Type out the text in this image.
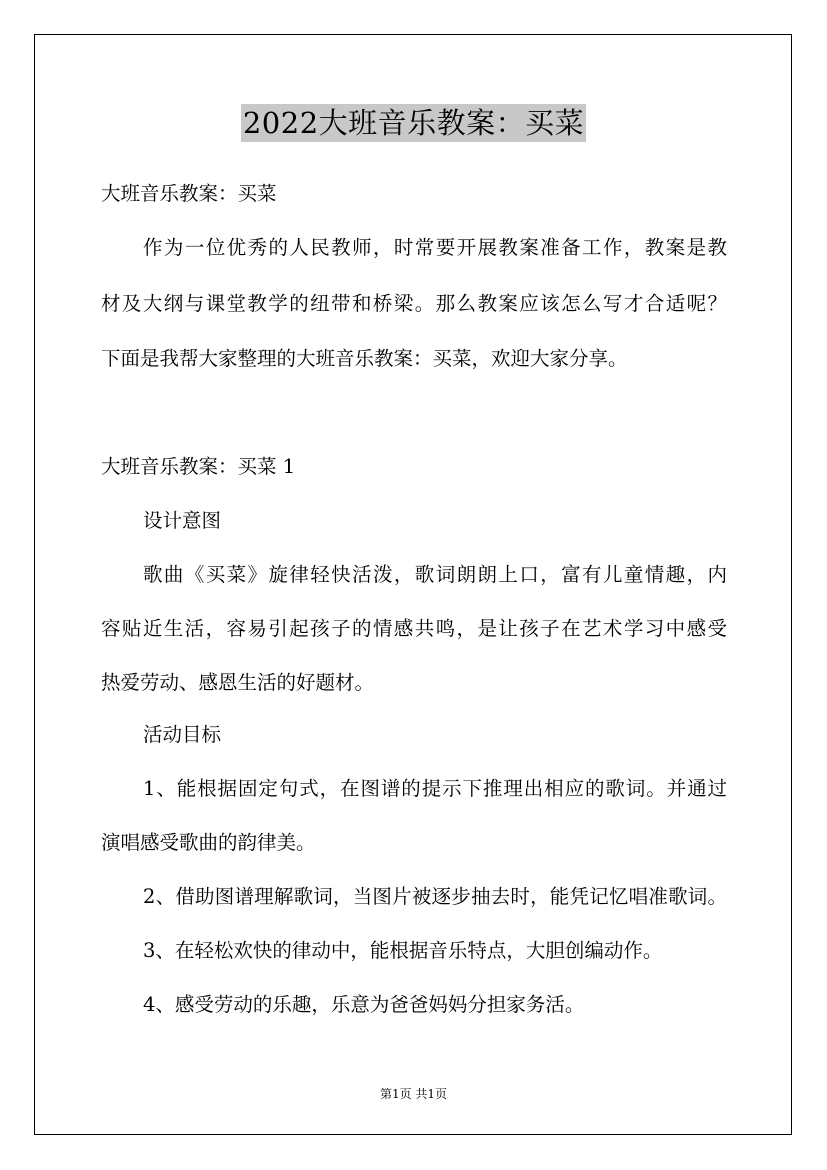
2022大班音乐教案：买菜
大班音乐教案：买菜
作为一位优秀的人民教师，时常要开展教案准备工作，教案是教
材及大纲与课堂教学的纽带和桥梁。那么教案应该怎么写才合适呢？
下面是我帮大家整理的大班音乐教案：买菜，欢迎大家分享。
大班音乐教案：买菜 1
设计意图
歌曲《买菜》旋律轻快活泼，歌词朗朗上口，富有儿童情趣，内
容贴近生活，容易引起孩子的情感共鸣，是让孩子在艺术学习中感受
热爱劳动、感恩生活的好题材。
活动目标
1、能根据固定句式，在图谱的提示下推理出相应的歌词。并通过
演唱感受歌曲的韵律美。
2、借助图谱理解歌词，当图片被逐步抽去时，能凭记忆唱准歌词。
3、在轻松欢快的律动中，能根据音乐特点，大胆创编动作。
4、感受劳动的乐趣，乐意为爸爸妈妈分担家务活。
第1页 共1页
